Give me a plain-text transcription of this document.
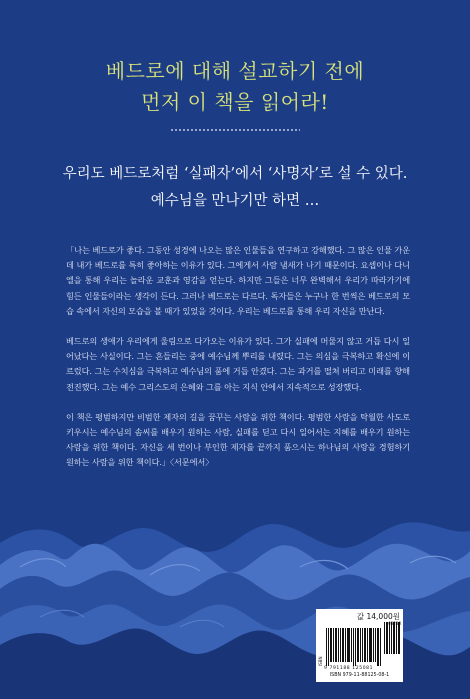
베드로에 대해 설교하기 전에
먼저 이 책을 읽어라!
우리도 베드로처럼 ‘실패자’에서 ‘사명자’로 설 수 있다.
예수님을 만나기만 하면 …

「나는 베드로가 좋다. 그동안 성경에 나오는 많은 인물들을 연구하고 강해했다. 그 많은 인물 가운데 내가 베드로를 특히 좋아하는 이유가 있다. 그에게서 사람 냄새가 나기 때문이다. 요셉이나 다니엘을 통해 우리는 놀라운 교훈과 영감을 얻는다. 하지만 그들은 너무 완벽해서 우리가 따라가기에 힘든 인물들이라는 생각이 든다. 그러나 베드로는 다르다. 독자들은 누구나 한 번씩은 베드로의 모습 속에서 자신의 모습을 볼 때가 있었을 것이다. 우리는 베드로를 통해 우리 자신을 만난다.

베드로의 생애가 우리에게 울림으로 다가오는 이유가 있다. 그가 실패에 머물지 않고 거듭 다시 일어났다는 사실이다. 그는 흔들리는 중에 예수님께 뿌리를 내렸다. 그는 의심을 극복하고 확신에 이르렀다. 그는 수치심을 극복하고 예수님의 품에 거듭 안겼다. 그는 과거를 떨쳐 버리고 미래를 향해 전진했다. 그는 예수 그리스도의 은혜와 그를 아는 지식 안에서 지속적으로 성장했다.

이 책은 평범하지만 비범한 제자의 길을 꿈꾸는 사람을 위한 책이다. 평범한 사람을 탁월한 사도로 키우시는 예수님의 솜씨를 배우기 원하는 사람, 실패를 딛고 다시 일어서는 지혜를 배우기 원하는 사람을 위한 책이다. 자신을 세 번이나 부인한 제자를 끝까지 품으시는 하나님의 사랑을 경험하기 원하는 사람을 위한 책이다.」〈서문에서〉

값 14,000원
ISBN
9 791188 125081
ISBN 979-11-88125-08-1
